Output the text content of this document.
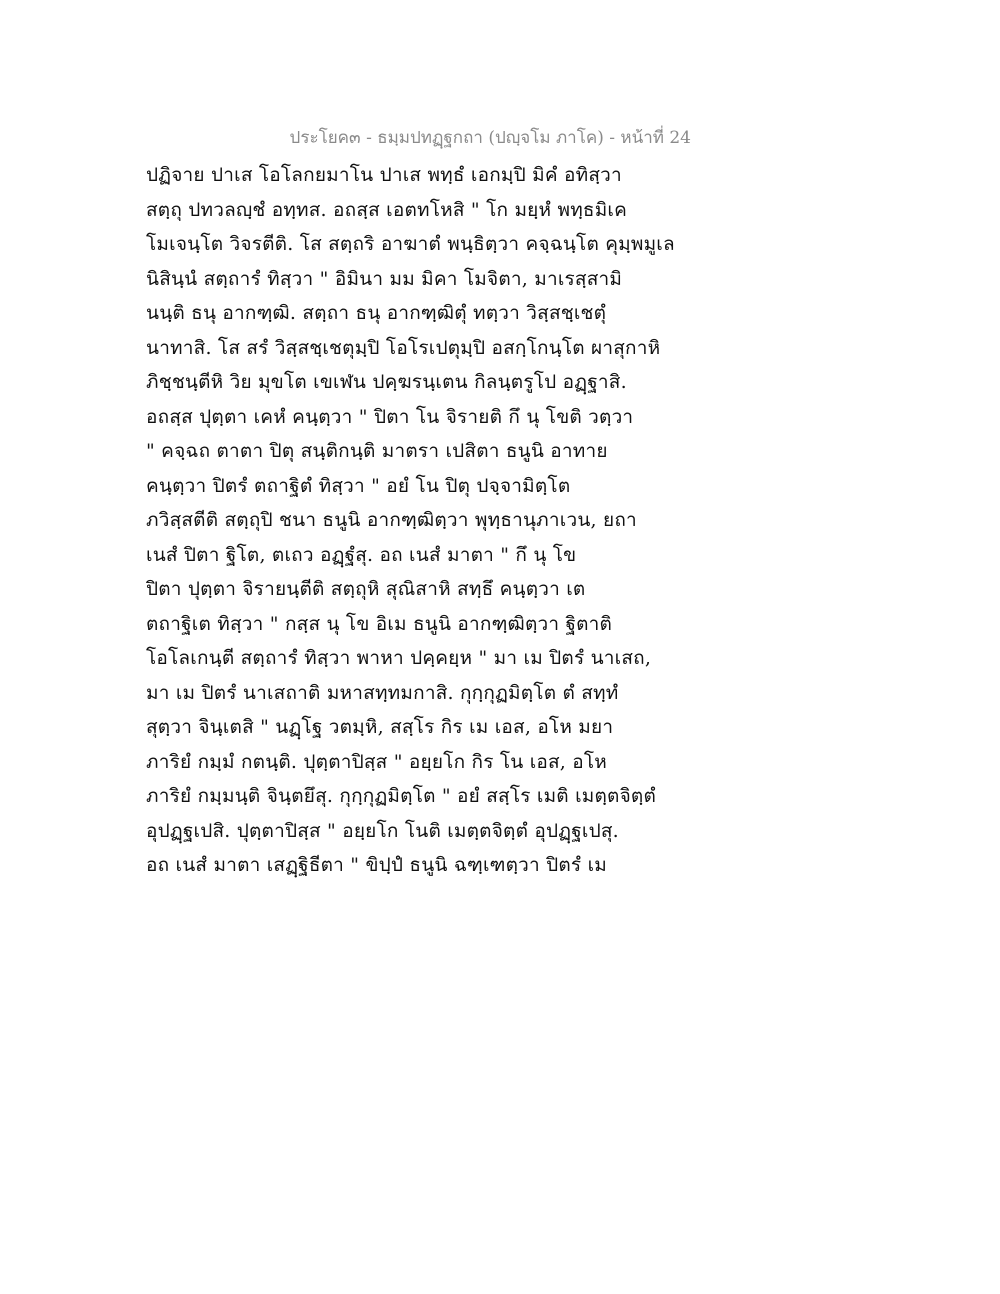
ประโยค๓ - ธมฺมปทฏฺฐกถา (ปญฺจโม ภาโค) - หน้าที่ 24
ปฏิจาย ปาเส โอโลกยมาโน ปาเส พทฺธํ เอกมฺปิ มิคํ อทิสฺวา
สตฺถุ ปทวลญฺชํ อทฺทส. อถสฺส เอตทโหสิ " โก มยฺหํ พทฺธมิเค
โมเจนฺโต วิจรตีติ. โส สตฺถริ อาฆาตํ พนฺธิตฺวา คจฺฉนฺโต คุมฺพมูเล
นิสินฺนํ สตฺถารํ ทิสฺวา " อิมินา มม มิคา โมจิตา, มาเรสฺสามิ
นนฺติ ธนุ อากฑฺฒิ. สตฺถา ธนุ อากฑฺฒิตุํ ทตฺวา วิสฺสชฺเชตุํ
นาทาสิ. โส สรํ วิสฺสชฺเชตุมฺปิ โอโรเปตุมฺปิ อสกฺโกนฺโต ผาสุกาหิ
ภิชฺชนฺตีหิ วิย มุขโต เขเฬน ปคฺฆรนฺเตน กิลนฺตรูโป อฏฺฐาสิ.
อถสฺส ปุตฺตา เคหํ คนฺตฺวา " ปิตา โน จิรายติ กึ นุ โขติ วตฺวา
" คจฺฉถ ตาตา ปิตุ สนฺติกนฺติ มาตรา เปสิตา ธนูนิ อาทาย
คนฺตฺวา ปิตรํ ตถาฐิตํ ทิสฺวา " อยํ โน ปิตุ ปจฺจามิตฺโต
ภวิสฺสตีติ สตฺถุปิ ชนา ธนูนิ อากฑฺฒิตฺวา พุทฺธานุภาเวน, ยถา
เนสํ ปิตา ฐิโต, ตเถว อฏฺฐํสุ. อถ เนสํ มาตา " กึ นุ โข
ปิตา ปุตฺตา จิรายนฺตีติ สตฺถุหิ สุณิสาหิ สทฺธึ คนฺตฺวา เต
ตถาฐิเต ทิสฺวา " กสฺส นุ โข อิเม ธนูนิ อากฑฺฒิตฺวา ฐิตาติ
โอโลเกนฺตี สตฺถารํ ทิสฺวา พาหา ปคฺคยฺห " มา เม ปิตรํ นาเสถ,
มา เม ปิตรํ นาเสถาติ มหาสทฺทมกาสิ. กุกฺกุฏมิตฺโต ตํ สทฺทํ
สุตฺวา จินฺเตสิ " นฏฺโฐ วตมฺหิ, สสฺโร กิร เม เอส, อโห มยา
ภาริยํ กมฺมํ กตนฺติ. ปุตฺตาปิสฺส " อยฺยโก กิร โน เอส, อโห
ภาริยํ กมฺมนฺติ จินฺตยึสุ. กุกฺกุฏมิตฺโต " อยํ สสฺโร เมติ เมตฺตจิตฺตํ
อุปฏฺฐเปสิ. ปุตฺตาปิสฺส " อยฺยโก โนติ เมตฺตจิตฺตํ อุปฏฺฐเปสุ.
อถ เนสํ มาตา เสฏฺฐิธีตา " ขิปฺปํ ธนูนิ ฉฑฺเฑตฺวา ปิตรํ เม
